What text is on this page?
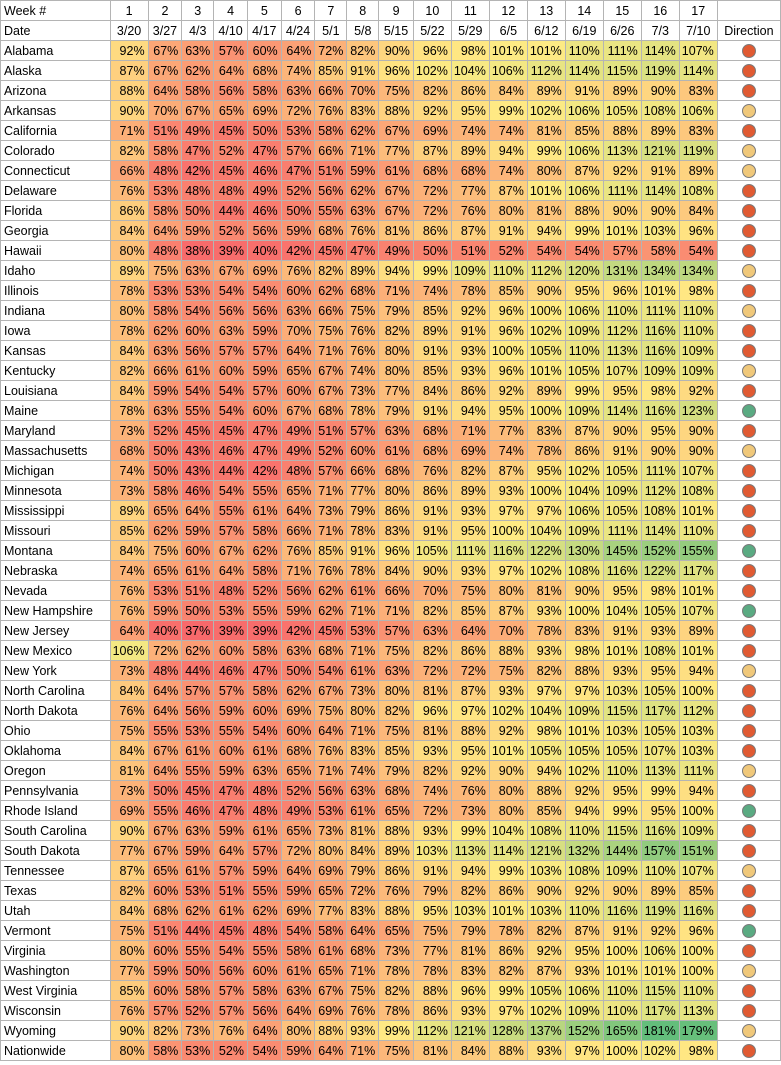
Week #	1	2	3	4	5	6	7	8	9	10	11	12	13	14	15	16	17	
Date	3/20	3/27	4/3	4/10	4/17	4/24	5/1	5/8	5/15	5/22	5/29	6/5	6/12	6/19	6/26	7/3	7/10	Direction
Alabama	92%	67%	63%	57%	60%	64%	72%	82%	90%	96%	98%	101%	101%	110%	111%	114%	107%	
Alaska	87%	67%	62%	64%	68%	74%	85%	91%	96%	102%	104%	106%	112%	114%	115%	119%	114%	
Arizona	88%	64%	58%	56%	58%	63%	66%	70%	75%	82%	86%	84%	89%	91%	89%	90%	83%	
Arkansas	90%	70%	67%	65%	69%	72%	76%	83%	88%	92%	95%	99%	102%	106%	105%	108%	106%	
California	71%	51%	49%	45%	50%	53%	58%	62%	67%	69%	74%	74%	81%	85%	88%	89%	83%	
Colorado	82%	58%	47%	52%	47%	57%	66%	71%	77%	87%	89%	94%	99%	106%	113%	121%	119%	
Connecticut	66%	48%	42%	45%	46%	47%	51%	59%	61%	68%	68%	74%	80%	87%	92%	91%	89%	
Delaware	76%	53%	48%	48%	49%	52%	56%	62%	67%	72%	77%	87%	101%	106%	111%	114%	108%	
Florida	86%	58%	50%	44%	46%	50%	55%	63%	67%	72%	76%	80%	81%	88%	90%	90%	84%	
Georgia	84%	64%	59%	52%	56%	59%	68%	76%	81%	86%	87%	91%	94%	99%	101%	103%	96%	
Hawaii	80%	48%	38%	39%	40%	42%	45%	47%	49%	50%	51%	52%	54%	54%	57%	58%	54%	
Idaho	89%	75%	63%	67%	69%	76%	82%	89%	94%	99%	109%	110%	112%	120%	131%	134%	134%	
Illinois	78%	53%	53%	54%	54%	60%	62%	68%	71%	74%	78%	85%	90%	95%	96%	101%	98%	
Indiana	80%	58%	54%	56%	56%	63%	66%	75%	79%	85%	92%	96%	100%	106%	110%	111%	110%	
Iowa	78%	62%	60%	63%	59%	70%	75%	76%	82%	89%	91%	96%	102%	109%	112%	116%	110%	
Kansas	84%	63%	56%	57%	57%	64%	71%	76%	80%	91%	93%	100%	105%	110%	113%	116%	109%	
Kentucky	82%	66%	61%	60%	59%	65%	67%	74%	80%	85%	93%	96%	101%	105%	107%	109%	109%	
Louisiana	84%	59%	54%	54%	57%	60%	67%	73%	77%	84%	86%	92%	89%	99%	95%	98%	92%	
Maine	78%	63%	55%	54%	60%	67%	68%	78%	79%	91%	94%	95%	100%	109%	114%	116%	123%	
Maryland	73%	52%	45%	45%	47%	49%	51%	57%	63%	68%	71%	77%	83%	87%	90%	95%	90%	
Massachusetts	68%	50%	43%	46%	47%	49%	52%	60%	61%	68%	69%	74%	78%	86%	91%	90%	90%	
Michigan	74%	50%	43%	44%	42%	48%	57%	66%	68%	76%	82%	87%	95%	102%	105%	111%	107%	
Minnesota	73%	58%	46%	54%	55%	65%	71%	77%	80%	86%	89%	93%	100%	104%	109%	112%	108%	
Mississippi	89%	65%	64%	55%	61%	64%	73%	79%	86%	91%	93%	97%	97%	106%	105%	108%	101%	
Missouri	85%	62%	59%	57%	58%	66%	71%	78%	83%	91%	95%	100%	104%	109%	111%	114%	110%	
Montana	84%	75%	60%	67%	62%	76%	85%	91%	96%	105%	111%	116%	122%	130%	145%	152%	155%	
Nebraska	74%	65%	61%	64%	58%	71%	76%	78%	84%	90%	93%	97%	102%	108%	116%	122%	117%	
Nevada	76%	53%	51%	48%	52%	56%	62%	61%	66%	70%	75%	80%	81%	90%	95%	98%	101%	
New Hampshire	76%	59%	50%	53%	55%	59%	62%	71%	71%	82%	85%	87%	93%	100%	104%	105%	107%	
New Jersey	64%	40%	37%	39%	39%	42%	45%	53%	57%	63%	64%	70%	78%	83%	91%	93%	89%	
New Mexico	106%	72%	62%	60%	58%	63%	68%	71%	75%	82%	86%	88%	93%	98%	101%	108%	101%	
New York	73%	48%	44%	46%	47%	50%	54%	61%	63%	72%	72%	75%	82%	88%	93%	95%	94%	
North Carolina	84%	64%	57%	57%	58%	62%	67%	73%	80%	81%	87%	93%	97%	97%	103%	105%	100%	
North Dakota	76%	64%	56%	59%	60%	69%	75%	80%	82%	96%	97%	102%	104%	109%	115%	117%	112%	
Ohio	75%	55%	53%	55%	54%	60%	64%	71%	75%	81%	88%	92%	98%	101%	103%	105%	103%	
Oklahoma	84%	67%	61%	60%	61%	68%	76%	83%	85%	93%	95%	101%	105%	105%	105%	107%	103%	
Oregon	81%	64%	55%	59%	63%	65%	71%	74%	79%	82%	92%	90%	94%	102%	110%	113%	111%	
Pennsylvania	73%	50%	45%	47%	48%	52%	56%	63%	68%	74%	76%	80%	88%	92%	95%	99%	94%	
Rhode Island	69%	55%	46%	47%	48%	49%	53%	61%	65%	72%	73%	80%	85%	94%	99%	95%	100%	
South Carolina	90%	67%	63%	59%	61%	65%	73%	81%	88%	93%	99%	104%	108%	110%	115%	116%	109%	
South Dakota	77%	67%	59%	64%	57%	72%	80%	84%	89%	103%	113%	114%	121%	132%	144%	157%	151%	
Tennessee	87%	65%	61%	57%	59%	64%	69%	79%	86%	91%	94%	99%	103%	108%	109%	110%	107%	
Texas	82%	60%	53%	51%	55%	59%	65%	72%	76%	79%	82%	86%	90%	92%	90%	89%	85%	
Utah	84%	68%	62%	61%	62%	69%	77%	83%	88%	95%	103%	101%	103%	110%	116%	119%	116%	
Vermont	75%	51%	44%	45%	48%	54%	58%	64%	65%	75%	79%	78%	82%	87%	91%	92%	96%	
Virginia	80%	60%	55%	54%	55%	58%	61%	68%	73%	77%	81%	86%	92%	95%	100%	106%	100%	
Washington	77%	59%	50%	56%	60%	61%	65%	71%	78%	78%	83%	82%	87%	93%	101%	101%	100%	
West Virginia	85%	60%	58%	57%	58%	63%	67%	75%	82%	88%	96%	99%	105%	106%	110%	115%	110%	
Wisconsin	76%	57%	52%	57%	56%	64%	69%	76%	78%	86%	93%	97%	102%	109%	110%	117%	113%	
Wyoming	90%	82%	73%	76%	64%	80%	88%	93%	99%	112%	121%	128%	137%	152%	165%	181%	179%	
Nationwide	80%	58%	53%	52%	54%	59%	64%	71%	75%	81%	84%	88%	93%	97%	100%	102%	98%	
